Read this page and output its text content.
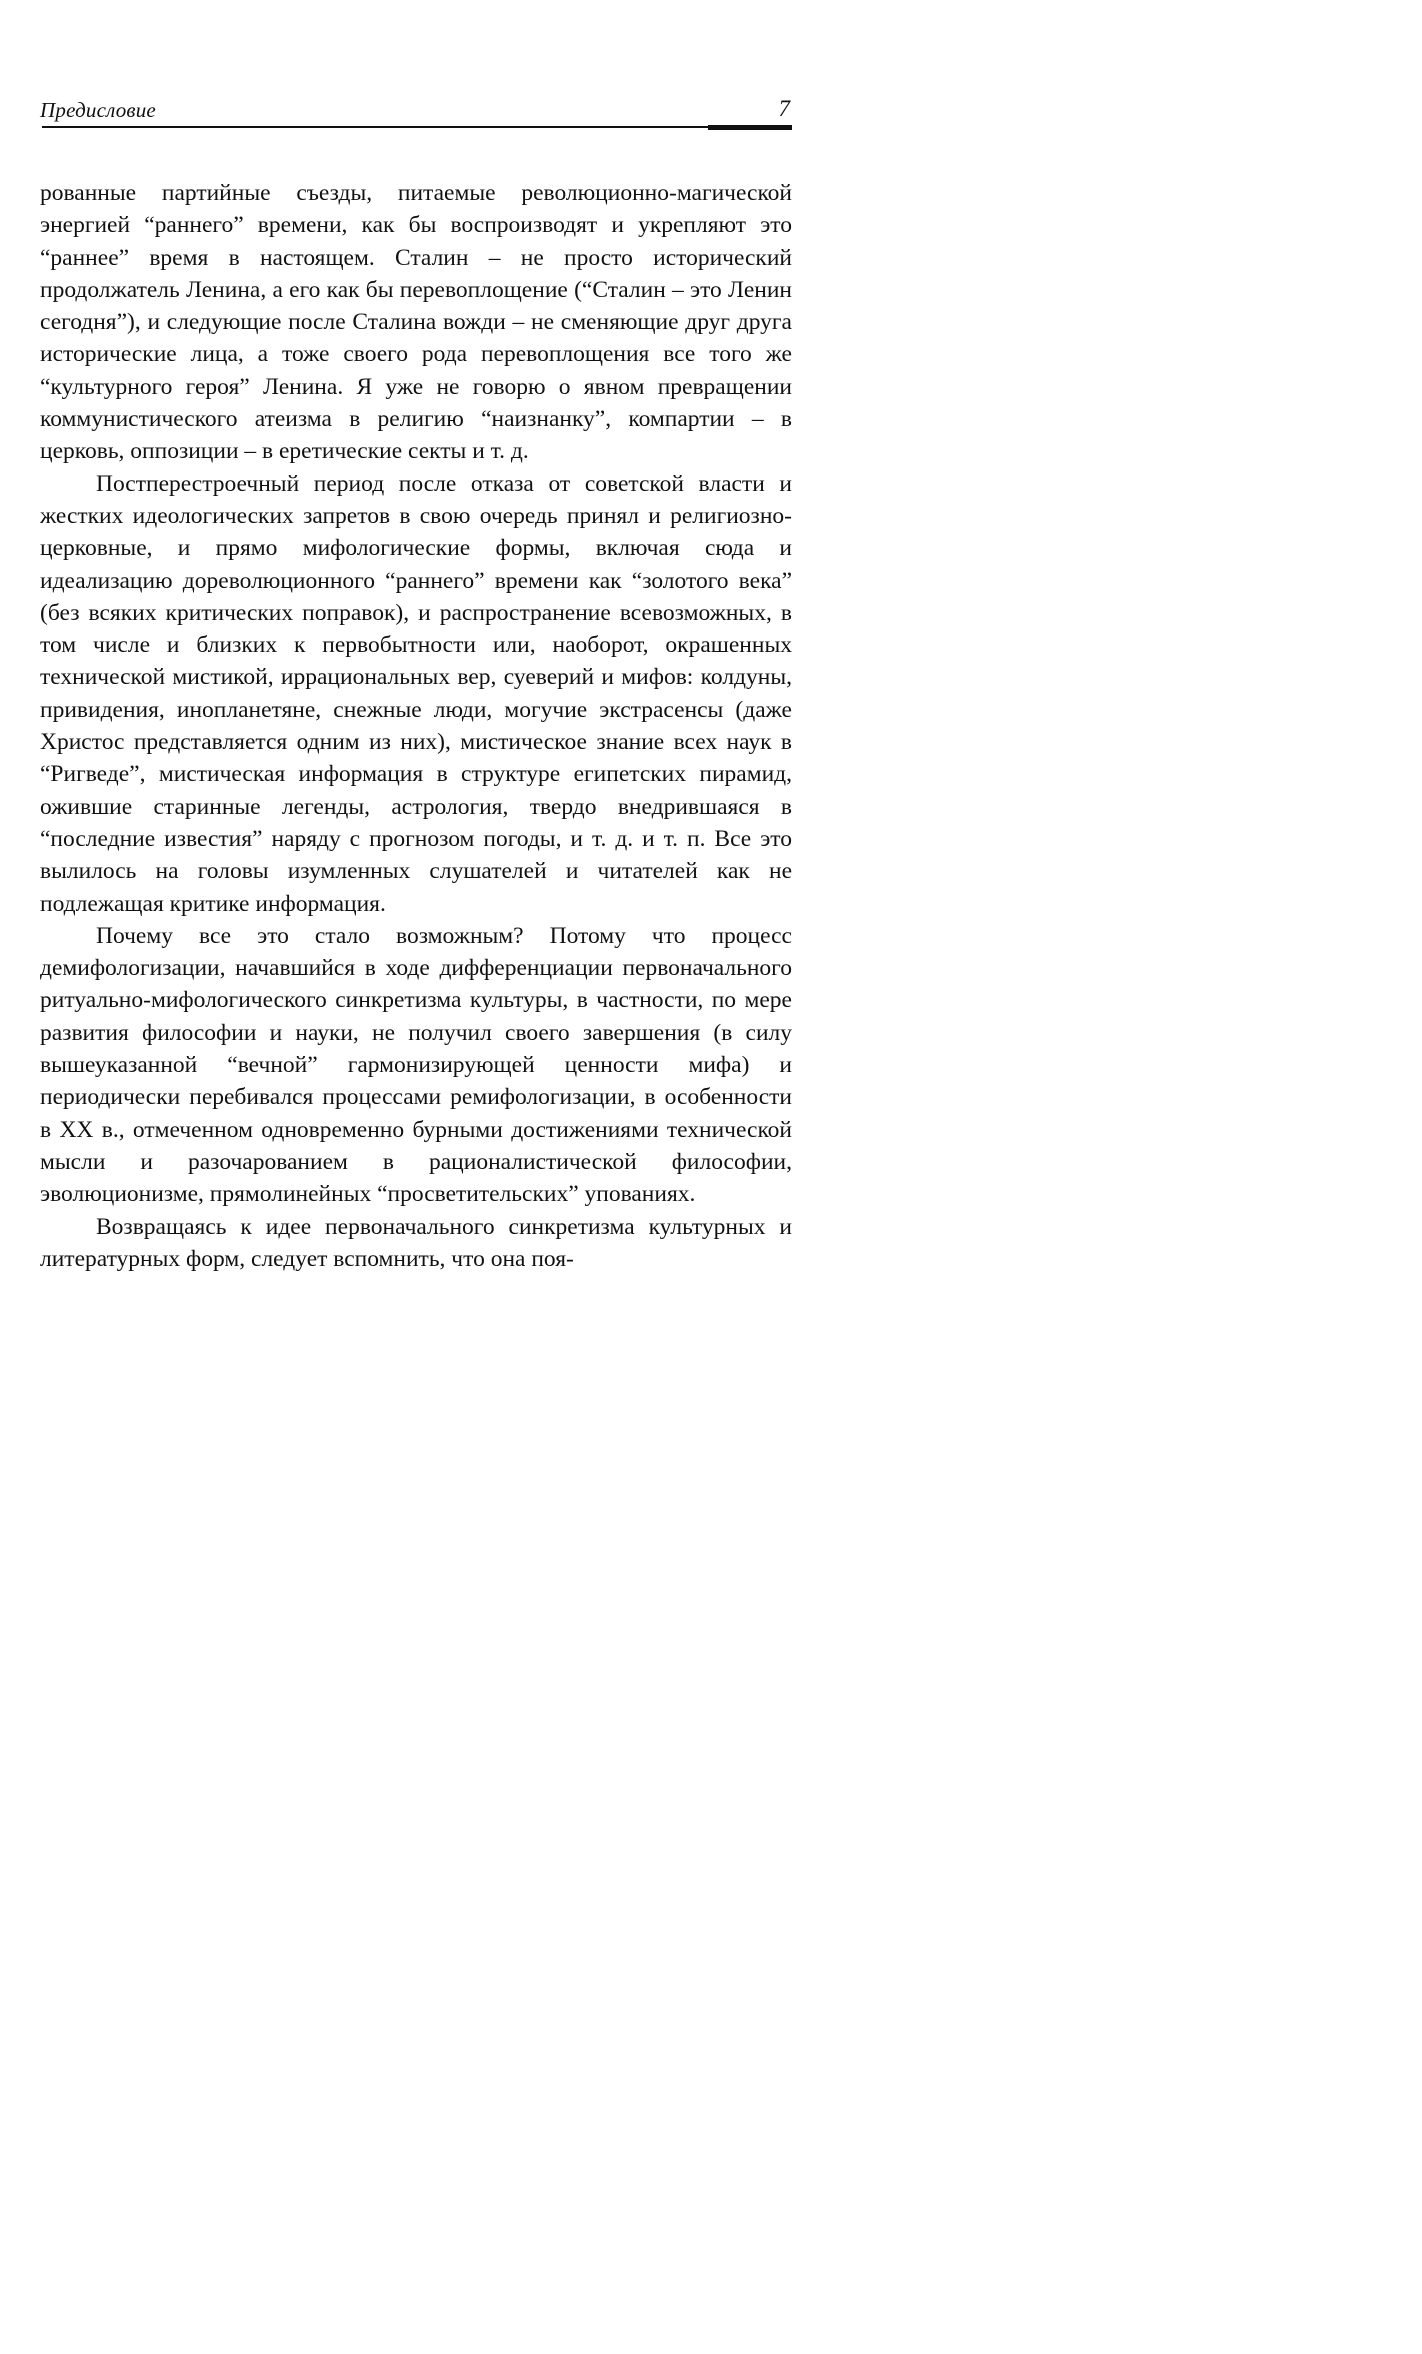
Предисловие	7

рованные партийные съезды, питаемые революционно-магической энергией “раннего” времени, как бы воспроизводят и укрепляют это “раннее” время в настоящем. Сталин – не просто исторический продолжатель Ленина, а его как бы перевоплощение (“Сталин – это Ленин сегодня”), и следующие после Сталина вожди – не сменяющие друг друга исторические лица, а тоже своего рода перевоплощения все того же “культурного героя” Ленина. Я уже не говорю о явном превращении коммунистического атеизма в религию “наизнанку”, компартии – в церковь, оппозиции – в еретические секты и т. д.

Постперестроечный период после отказа от советской власти и жестких идеологических запретов в свою очередь принял и религиозно-церковные, и прямо мифологические формы, включая сюда и идеализацию дореволюционного “раннего” времени как “золотого века” (без всяких критических поправок), и распространение всевозможных, в том числе и близких к первобытности или, наоборот, окрашенных технической мистикой, иррациональных вер, суеверий и мифов: колдуны, привидения, инопланетяне, снежные люди, могучие экстрасенсы (даже Христос представляется одним из них), мистическое знание всех наук в “Ригведе”, мистическая информация в структуре египетских пирамид, ожившие старинные легенды, астрология, твердо внедрившаяся в “последние известия” наряду с прогнозом погоды, и т. д. и т. п. Все это вылилось на головы изумленных слушателей и читателей как не подлежащая критике информация.

Почему все это стало возможным? Потому что процесс демифологизации, начавшийся в ходе дифференциации первоначального ритуально-мифологического синкретизма культуры, в частности, по мере развития философии и науки, не получил своего завершения (в силу вышеуказанной “вечной” гармонизирующей ценности мифа) и периодически перебивался процессами ремифологизации, в особенности в XX в., отмеченном одновременно бурными достижениями технической мысли и разочарованием в рационалистической философии, эволюционизме, прямолинейных “просветительских” упованиях.

Возвращаясь к идее первоначального синкретизма культурных и литературных форм, следует вспомнить, что она поя-
